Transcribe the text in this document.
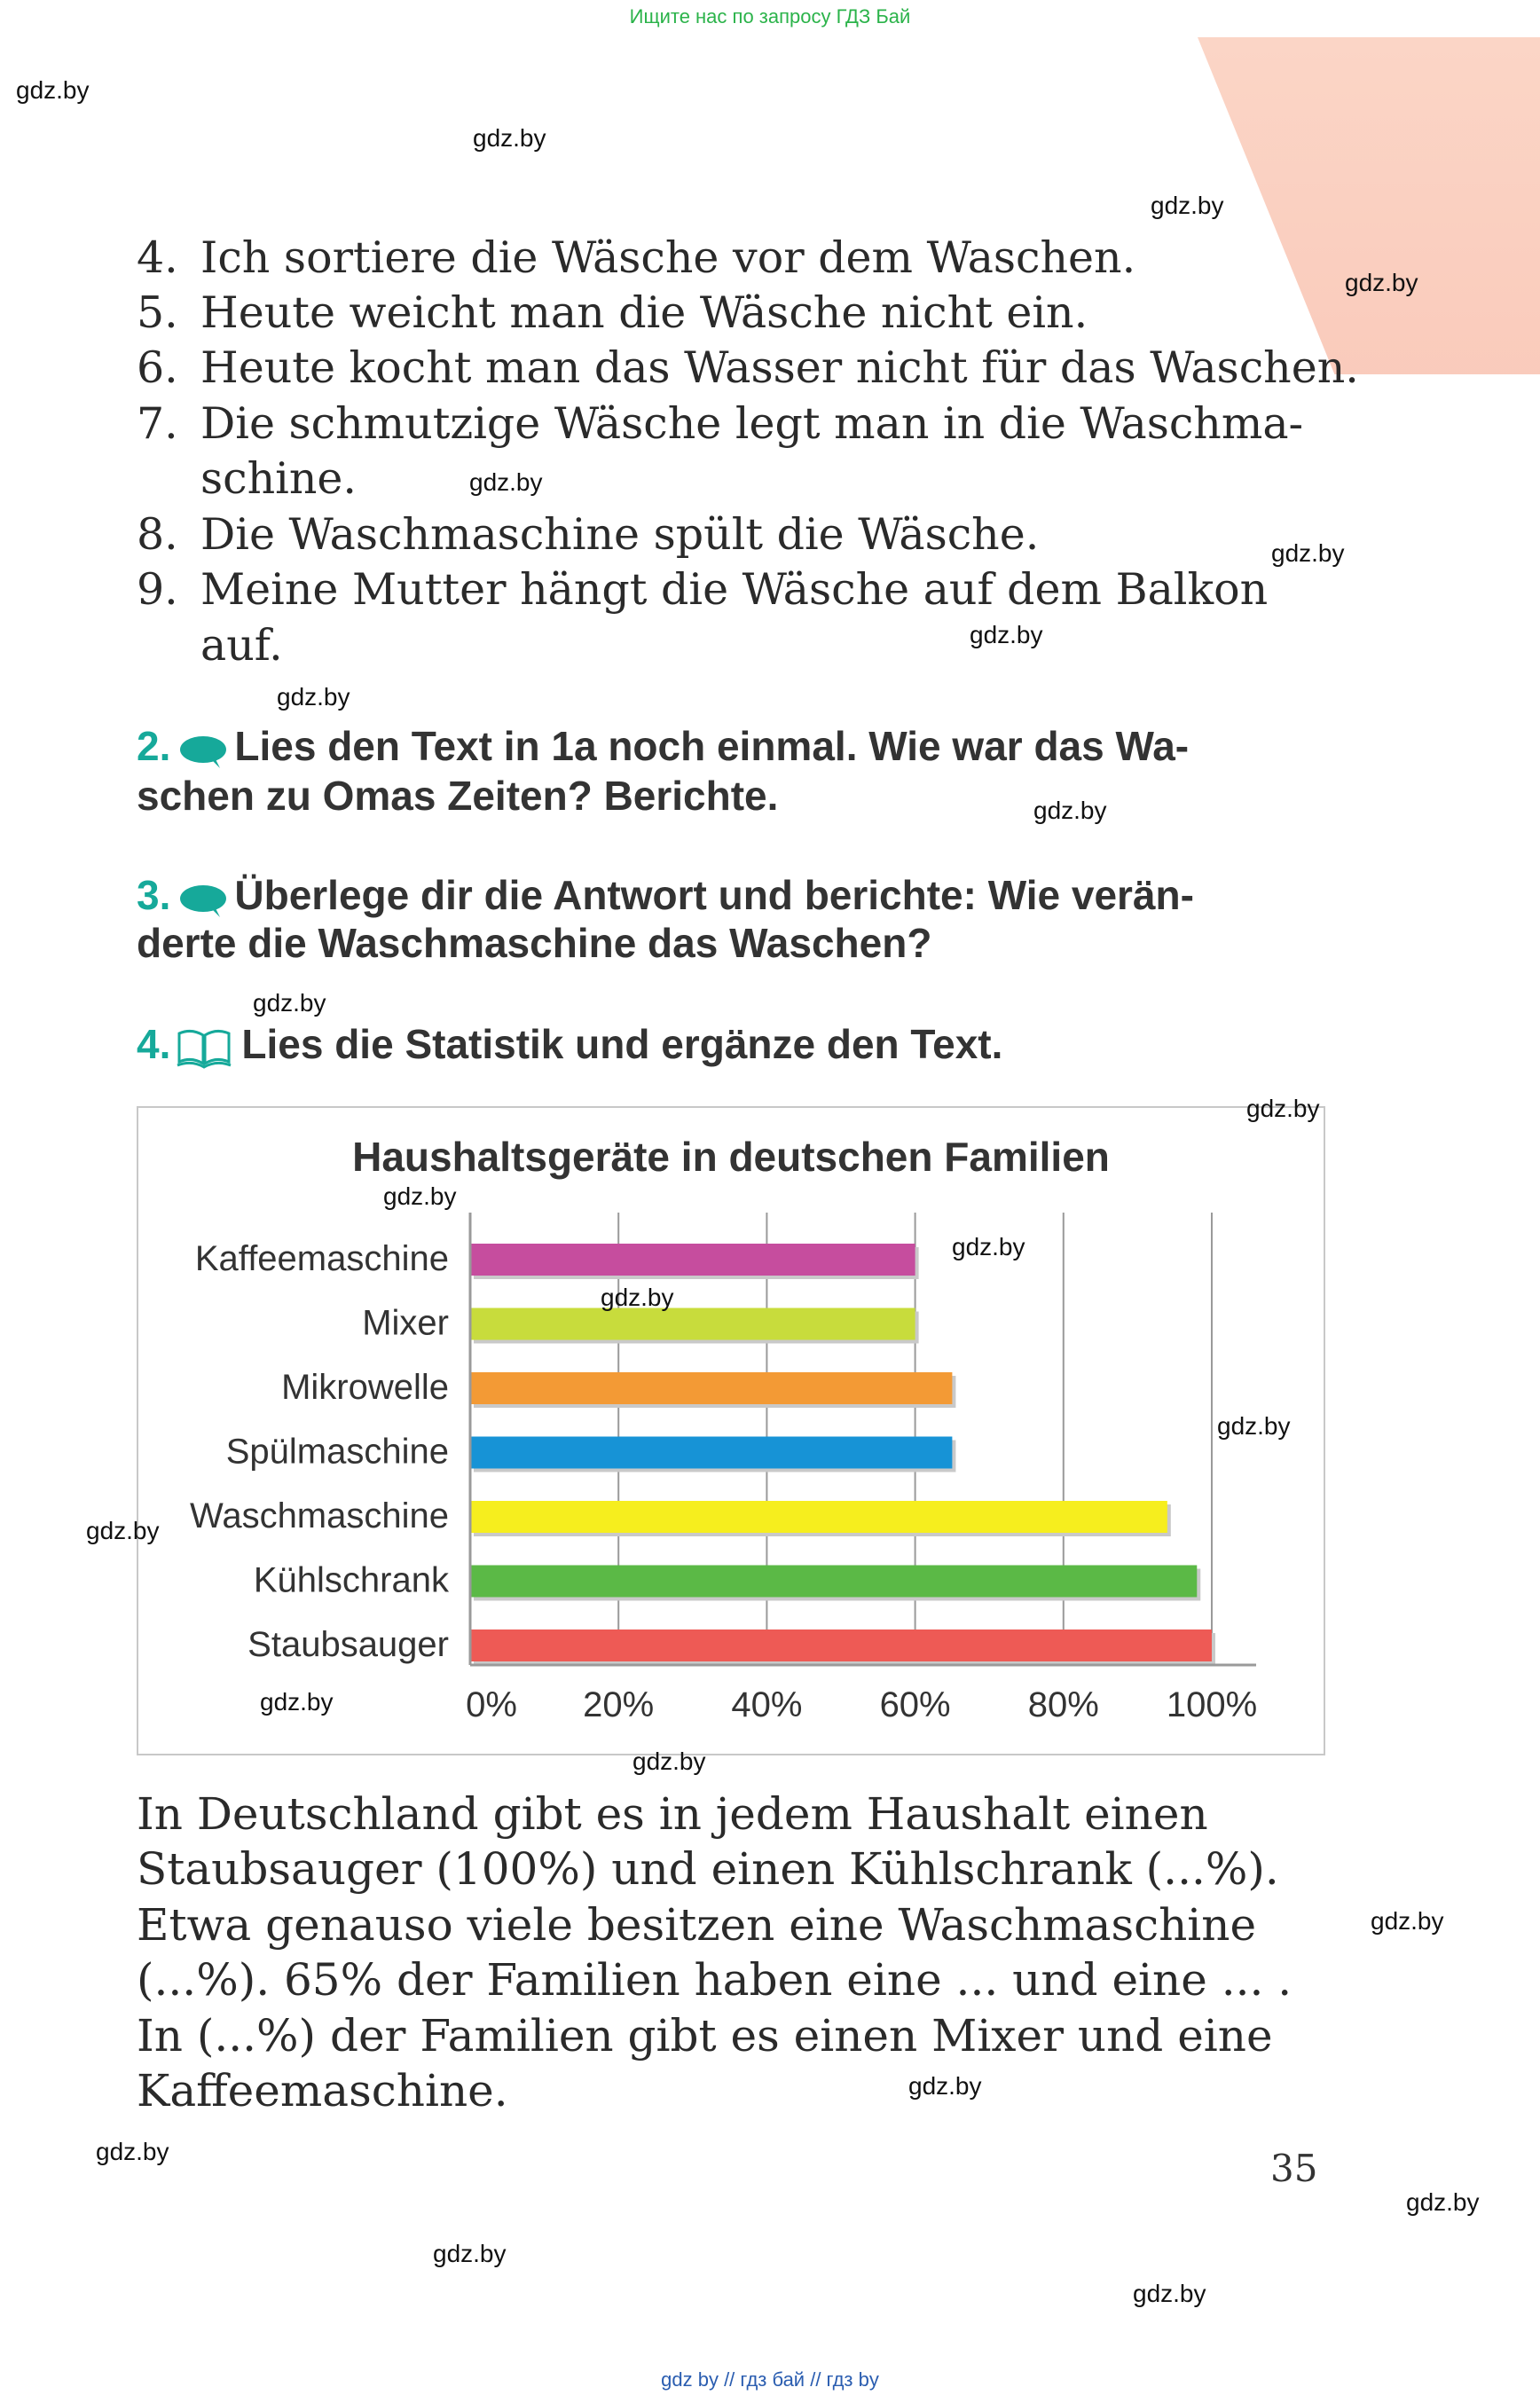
Ищите нас по запросу ГДЗ Бай
4. Ich sortiere die Wäsche vor dem Waschen.
5. Heute weicht man die Wäsche nicht ein.
6. Heute kocht man das Wasser nicht für das Waschen.
7. Die schmutzige Wäsche legt man in die Waschma-
schine.
8. Die Waschmaschine spült die Wäsche.
9. Meine Mutter hängt die Wäsche auf dem Balkon
auf.
2. Lies den Text in 1a noch einmal. Wie war das Wa-
schen zu Omas Zeiten? Berichte.
3. Überlege dir die Antwort und berichte: Wie verän-
derte die Waschmaschine das Waschen?
4. Lies die Statistik und ergänze den Text.
Haushaltsgeräte in deutschen Familien
Kaffeemaschine
Mixer
Mikrowelle
Spülmaschine
Waschmaschine
Kühlschrank
Staubsauger
0% 20% 40% 60% 80% 100%
In Deutschland gibt es in jedem Haushalt einen
Staubsauger (100%) und einen Kühlschrank (...%).
Etwa genauso viele besitzen eine Waschmaschine
(...%). 65% der Familien haben eine ... und eine ... .
In (...%) der Familien gibt es einen Mixer und eine
Kaffeemaschine.
35
gdz by // гдз бай // гдз by
gdz.by
gdz.by
gdz.by
gdz.by
gdz.by
gdz.by
gdz.by
gdz.by
gdz.by
gdz.by
gdz.by
gdz.by
gdz.by
gdz.by
gdz.by
gdz.by
gdz.by
gdz.by
gdz.by
gdz.by
gdz.by
gdz.by
gdz.by
gdz.by
